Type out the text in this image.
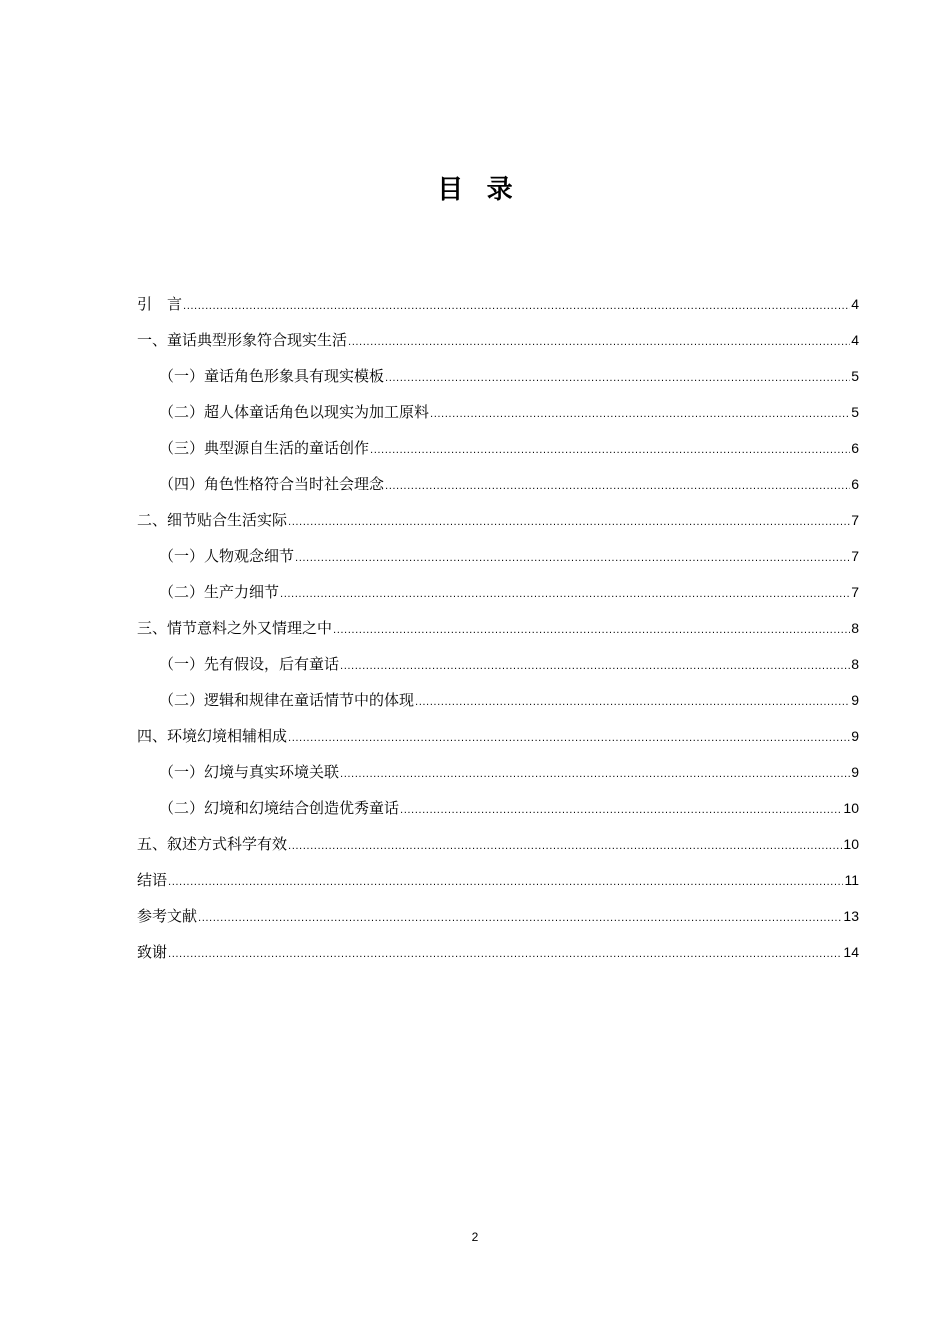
目录
引　言 .....	4
一、童话典型形象符合现实生活 .....	4
（一）童话角色形象具有现实模板 .....	5
（二）超人体童话角色以现实为加工原料 .....	5
（三）典型源自生活的童话创作 .....	6
（四）角色性格符合当时社会理念 .....	6
二、细节贴合生活实际 .....	7
（一）人物观念细节 .....	7
（二）生产力细节 .....	7
三、情节意料之外又情理之中 .....	8
（一）先有假设，后有童话 .....	8
（二）逻辑和规律在童话情节中的体现 .....	9
四、环境幻境相辅相成 .....	9
（一）幻境与真实环境关联 .....	9
（二）幻境和幻境结合创造优秀童话 .....	10
五、叙述方式科学有效 .....	10
结语 .....	11
参考文献 .....	13
致谢 .....	14
2
